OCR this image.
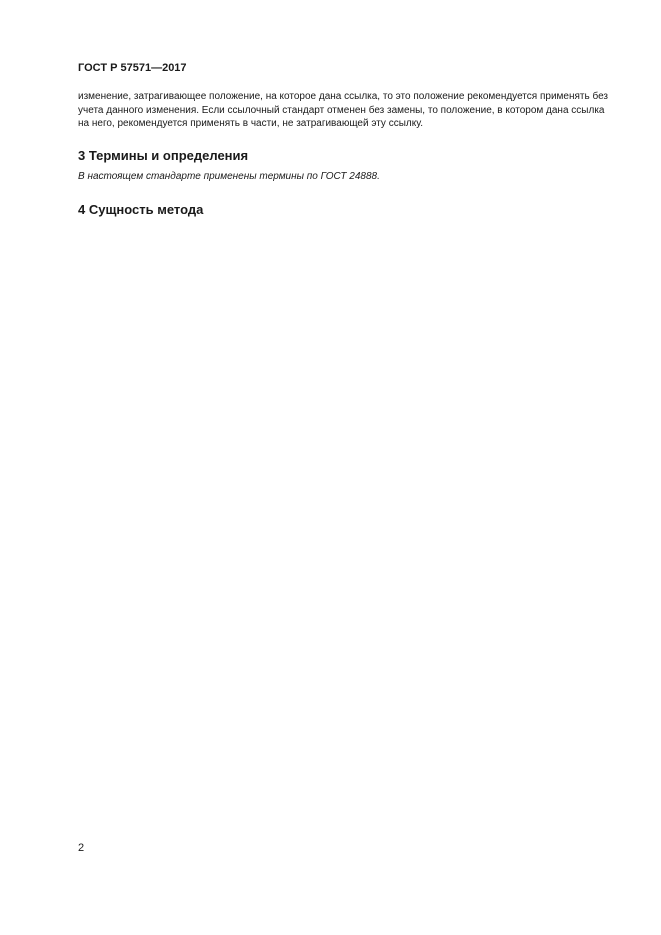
ГОСТ Р 57571—2017

изменение, затрагивающее положение, на которое дана ссылка, то это положение рекомендуется применять без учета данного изменения. Если ссылочный стандарт отменен без замены, то положение, в котором дана ссылка на него, рекомендуется применять в части, не затрагивающей эту ссылку.

3 Термины и определения

В настоящем стандарте применены термины по ГОСТ 24888.

4 Сущность метода
2
